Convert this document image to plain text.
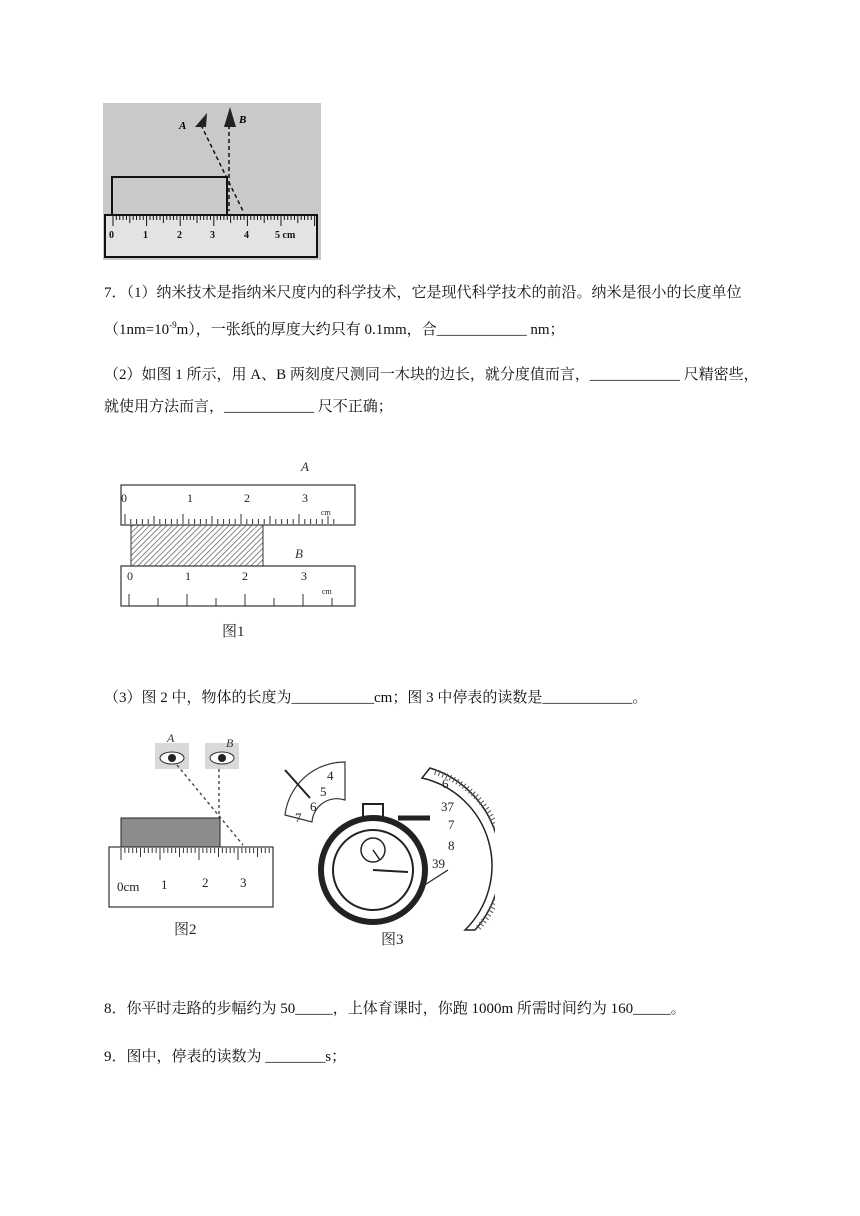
A	B
0	1	2	3	4	5 cm
7．（1）纳米技术是指纳米尺度内的科学技术，它是现代科学技术的前沿。纳米是很小的长度单位
$(1nm=10^{-9}m)$，一张纸的厚度大约只有 0.1mm，合____________ nm；
（2）如图 1 所示，用 A、B 两刻度尺测同一木块的边长，就分度值而言，____________ 尺精密些，
就使用方法而言，____________ 尺不正确；
A
0	1	2	3
cm
B
0	1	2	3
cm
图1
（3）图 2 中，物体的长度为___________cm；图 3 中停表的读数是____________。
A	B
0cm 1	2 3
图2
4
5
6
7
6
37
7
8
39
图3
8．你平时走路的步幅约为 50_____，上体育课时，你跑 1000m 所需时间约为 160_____。
9．图中，停表的读数为 ________s；
